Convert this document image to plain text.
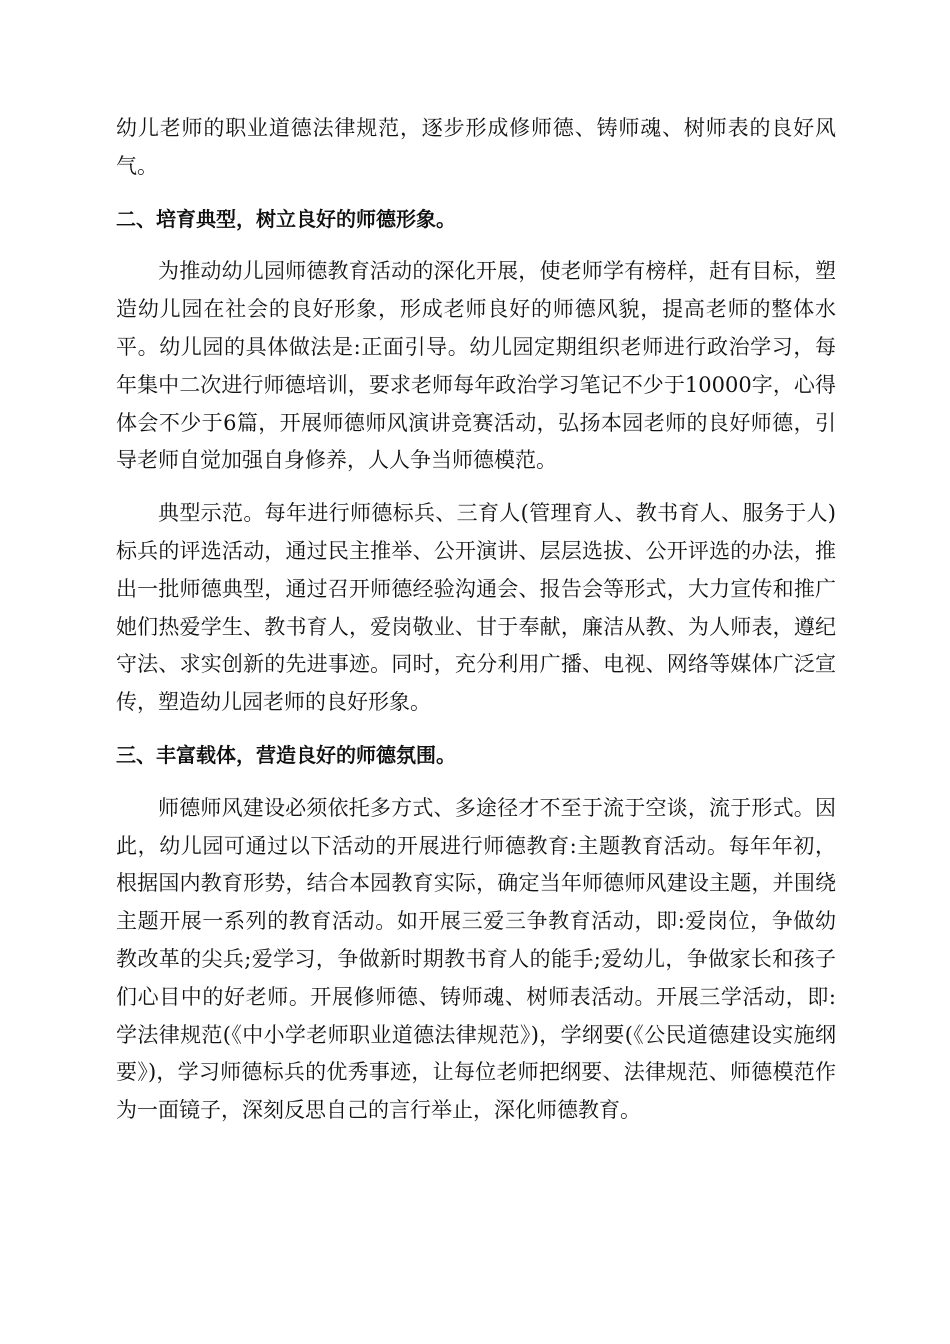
幼儿老师的职业道德法律规范，逐步形成修师德、铸师魂、树师表的良好风气。

二、培育典型，树立良好的师德形象。

为推动幼儿园师德教育活动的深化开展，使老师学有榜样，赶有目标，塑造幼儿园在社会的良好形象，形成老师良好的师德风貌，提高老师的整体水平。幼儿园的具体做法是:正面引导。幼儿园定期组织老师进行政治学习，每年集中二次进行师德培训，要求老师每年政治学习笔记不少于10000字，心得体会不少于6篇，开展师德师风演讲竞赛活动，弘扬本园老师的良好师德，引导老师自觉加强自身修养，人人争当师德模范。

典型示范。每年进行师德标兵、三育人(管理育人、教书育人、服务于人)标兵的评选活动，通过民主推举、公开演讲、层层选拔、公开评选的办法，推出一批师德典型，通过召开师德经验沟通会、报告会等形式，大力宣传和推广她们热爱学生、教书育人，爱岗敬业、甘于奉献，廉洁从教、为人师表，遵纪守法、求实创新的先进事迹。同时，充分利用广播、电视、网络等媒体广泛宣传，塑造幼儿园老师的良好形象。

三、丰富载体，营造良好的师德氛围。

师德师风建设必须依托多方式、多途径才不至于流于空谈，流于形式。因此，幼儿园可通过以下活动的开展进行师德教育:主题教育活动。每年年初，根据国内教育形势，结合本园教育实际，确定当年师德师风建设主题，并围绕主题开展一系列的教育活动。如开展三爱三争教育活动，即:爱岗位，争做幼教改革的尖兵;爱学习，争做新时期教书育人的能手;爱幼儿，争做家长和孩子们心目中的好老师。开展修师德、铸师魂、树师表活动。开展三学活动，即:学法律规范(《中小学老师职业道德法律规范》)，学纲要(《公民道德建设实施纲要》)，学习师德标兵的优秀事迹，让每位老师把纲要、法律规范、师德模范作为一面镜子，深刻反思自己的言行举止，深化师德教育。
